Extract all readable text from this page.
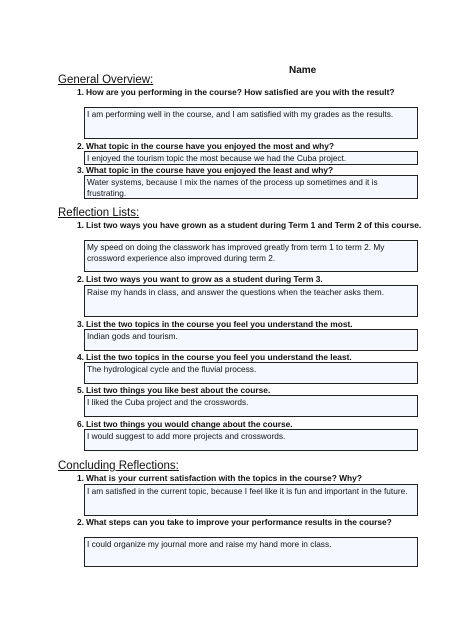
Name
General Overview:
1. How are you performing in the course? How satisfied are you with the result?
I am performing well in the course, and I am satisfied with my grades as the results.
2. What topic in the course have you enjoyed the most and why?
I enjoyed the tourism topic the most because we had the Cuba project.
3. What topic in the course have you enjoyed the least and why?
Water systems, because I mix the names of the process up sometimes and it is frustrating.
Reflection Lists:
1. List two ways you have grown as a student during Term 1 and Term 2 of this course.
My speed on doing the classwork has improved greatly from term 1 to term 2. My crossword experience also improved during term 2.
2. List two ways you want to grow as a student during Term 3.
Raise my hands in class, and answer the questions when the teacher asks them.
3. List the two topics in the course you feel you understand the most.
Indian gods and tourism.
4. List the two topics in the course you feel you understand the least.
The hydrological cycle and the fluvial process.
5. List two things you like best about the course.
I liked the Cuba project and the crosswords.
6. List two things you would change about the course.
I would suggest to add more projects and crosswords.
Concluding Reflections:
1. What is your current satisfaction with the topics in the course? Why?
I am satisfied in the current topic, because I feel like it is fun and important in the future.
2. What steps can you take to improve your performance results in the course?
I could organize my journal more and raise my hand more in class.
